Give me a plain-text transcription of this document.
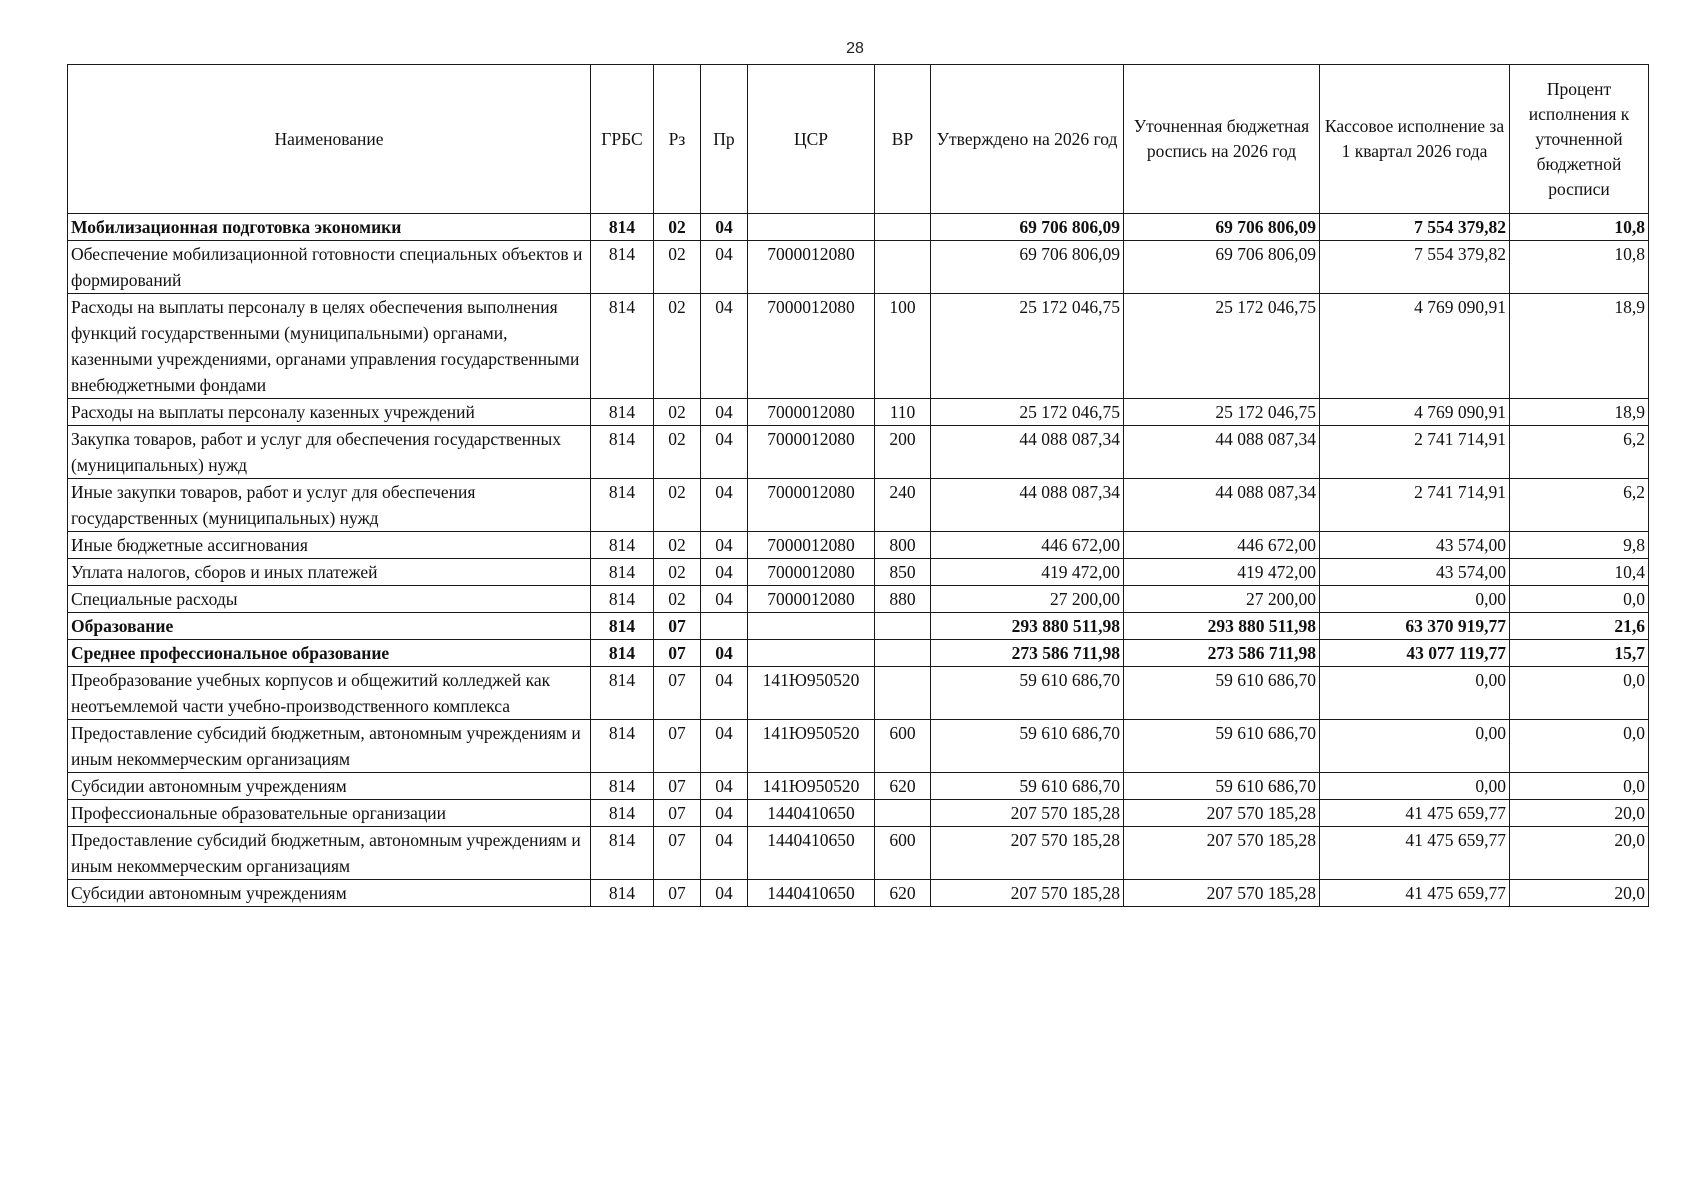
28
Наименование	ГРБС	Рз	Пр	ЦСР	ВР	Утверждено на 2026 год	Уточненная бюджетная роспись на 2026 год	Кассовое исполнение за 1 квартал 2026 года	Процент исполнения к уточненной бюджетной росписи
Мобилизационная подготовка экономики	814	02	04			69 706 806,09	69 706 806,09	7 554 379,82	10,8
Обеспечение мобилизационной готовности специальных объектов и формирований	814	02	04	7000012080		69 706 806,09	69 706 806,09	7 554 379,82	10,8
Расходы на выплаты персоналу в целях обеспечения выполнения функций государственными (муниципальными) органами, казенными учреждениями, органами управления государственными внебюджетными фондами	814	02	04	7000012080	100	25 172 046,75	25 172 046,75	4 769 090,91	18,9
Расходы на выплаты персоналу казенных учреждений	814	02	04	7000012080	110	25 172 046,75	25 172 046,75	4 769 090,91	18,9
Закупка товаров, работ и услуг для обеспечения государственных (муниципальных) нужд	814	02	04	7000012080	200	44 088 087,34	44 088 087,34	2 741 714,91	6,2
Иные закупки товаров, работ и услуг для обеспечения государственных (муниципальных) нужд	814	02	04	7000012080	240	44 088 087,34	44 088 087,34	2 741 714,91	6,2
Иные бюджетные ассигнования	814	02	04	7000012080	800	446 672,00	446 672,00	43 574,00	9,8
Уплата налогов, сборов и иных платежей	814	02	04	7000012080	850	419 472,00	419 472,00	43 574,00	10,4
Специальные расходы	814	02	04	7000012080	880	27 200,00	27 200,00	0,00	0,0
Образование	814	07				293 880 511,98	293 880 511,98	63 370 919,77	21,6
Среднее профессиональное образование	814	07	04			273 586 711,98	273 586 711,98	43 077 119,77	15,7
Преобразование учебных корпусов и общежитий колледжей как неотъемлемой части учебно-производственного комплекса	814	07	04	141Ю950520		59 610 686,70	59 610 686,70	0,00	0,0
Предоставление субсидий бюджетным, автономным учреждениям и иным некоммерческим организациям	814	07	04	141Ю950520	600	59 610 686,70	59 610 686,70	0,00	0,0
Субсидии автономным учреждениям	814	07	04	141Ю950520	620	59 610 686,70	59 610 686,70	0,00	0,0
Профессиональные образовательные организации	814	07	04	1440410650		207 570 185,28	207 570 185,28	41 475 659,77	20,0
Предоставление субсидий бюджетным, автономным учреждениям и иным некоммерческим организациям	814	07	04	1440410650	600	207 570 185,28	207 570 185,28	41 475 659,77	20,0
Субсидии автономным учреждениям	814	07	04	1440410650	620	207 570 185,28	207 570 185,28	41 475 659,77	20,0
